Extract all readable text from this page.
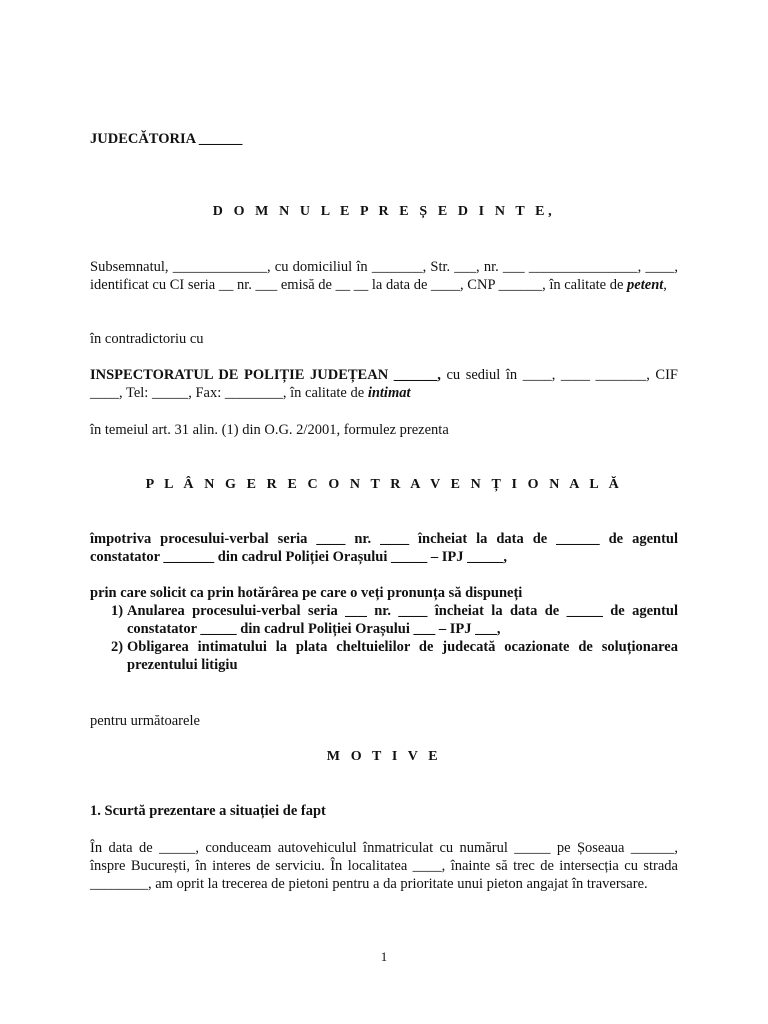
JUDECĂTORIA ______
D O M N U L E P R E Ș E D I N T E,
Subsemnatul, _____________, cu domiciliul în _______, Str. ___, nr. ___ _______________, ____, identificat cu CI seria __ nr. ___ emisă de __ __ la data de ____, CNP ______, în calitate de petent,
în contradictoriu cu
INSPECTORATUL DE POLIȚIE JUDEȚEAN ______, cu sediul în ____, ____ _______, CIF ____, Tel: _____, Fax: ________, în calitate de intimat
în temeiul art. 31 alin. (1) din O.G. 2/2001, formulez prezenta
P L Â N G E R E C O N T R A V E N Ț I O N A L Ă
împotriva procesului-verbal seria ____ nr. ____ încheiat la data de ______ de agentul constatator _______ din cadrul Poliției Orașului _____ – IPJ _____,
prin care solicit ca prin hotărârea pe care o veți pronunța să dispuneți
1) Anularea procesului-verbal seria ___ nr. ____ încheiat la data de _____ de agentul constatator _____ din cadrul Poliției Orașului ___ – IPJ ___,
2) Obligarea intimatului la plata cheltuielilor de judecată ocazionate de soluționarea prezentului litigiu
pentru următoarele
M O T I V E
1. Scurtă prezentare a situației de fapt
În data de _____, conduceam autovehiculul înmatriculat cu numărul _____ pe Șoseaua ______, înspre București, în interes de serviciu. În localitatea ____, înainte să trec de intersecția cu strada ________, am oprit la trecerea de pietoni pentru a da prioritate unui pieton angajat în traversare.
1
